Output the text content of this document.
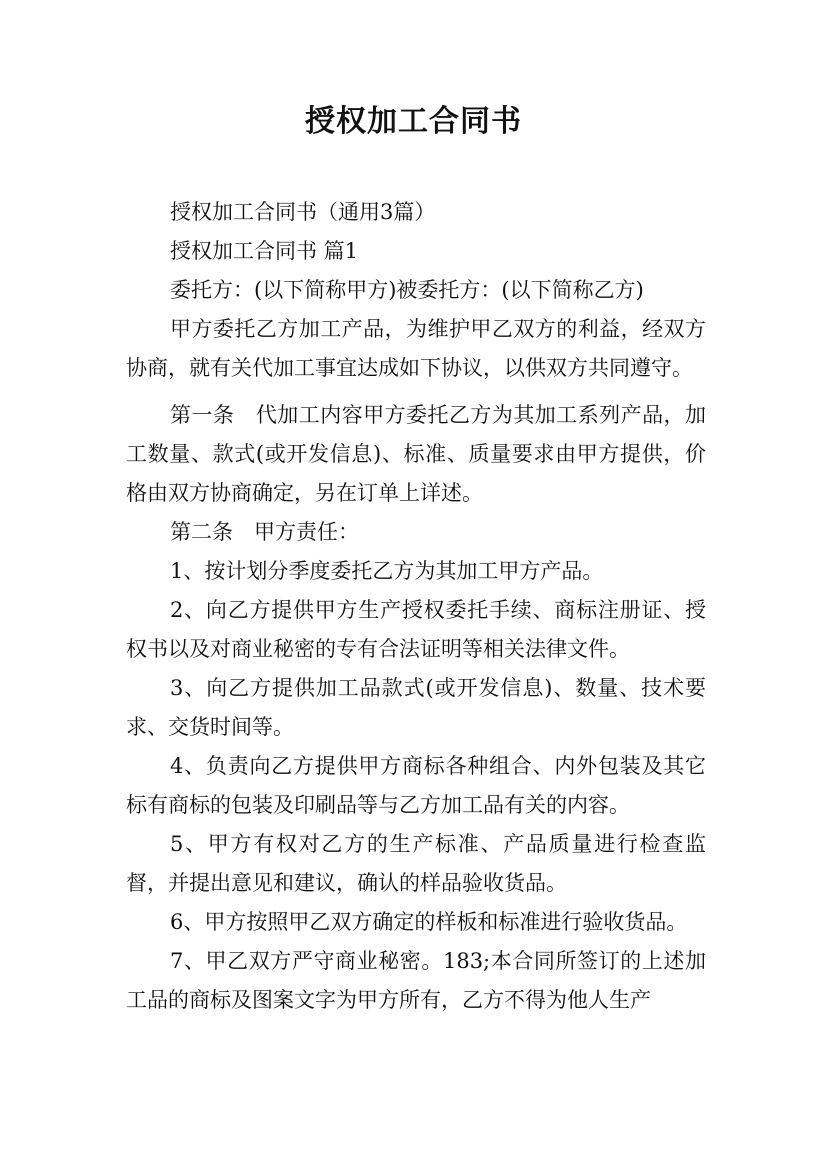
授权加工合同书

授权加工合同书（通用3篇）

授权加工合同书 篇1

委托方：(以下简称甲方)被委托方：(以下简称乙方)

甲方委托乙方加工产品，为维护甲乙双方的利益，经双方协商，就有关代加工事宜达成如下协议，以供双方共同遵守。

第一条　代加工内容甲方委托乙方为其加工系列产品，加工数量、款式(或开发信息)、标准、质量要求由甲方提供，价格由双方协商确定，另在订单上详述。

第二条　甲方责任：

1、按计划分季度委托乙方为其加工甲方产品。

2、向乙方提供甲方生产授权委托手续、商标注册证、授权书以及对商业秘密的专有合法证明等相关法律文件。

3、向乙方提供加工品款式(或开发信息)、数量、技术要求、交货时间等。

4、负责向乙方提供甲方商标各种组合、内外包装及其它标有商标的包装及印刷品等与乙方加工品有关的内容。

5、甲方有权对乙方的生产标准、产品质量进行检查监督，并提出意见和建议，确认的样品验收货品。

6、甲方按照甲乙双方确定的样板和标准进行验收货品。

7、甲乙双方严守商业秘密。183;本合同所签订的上述加工品的商标及图案文字为甲方所有，乙方不得为他人生产
